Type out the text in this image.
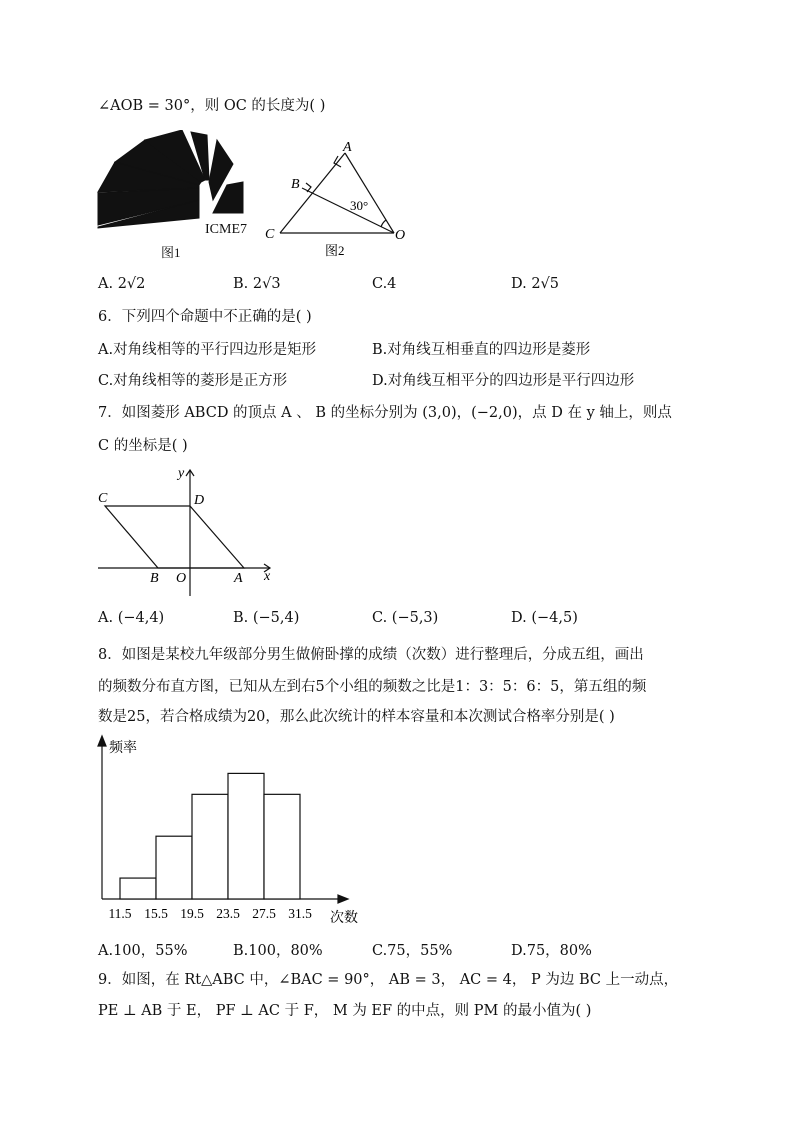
∠AOB = 30°，则 OC 的长度为( )
ICME7
图1
A
B
C	O
30°
图2
A. 2√2	B. 2√3	C.4	D. 2√5
6．下列四个命题中不正确的是( )
A.对角线相等的平行四边形是矩形	B.对角线互相垂直的四边形是菱形
C.对角线相等的菱形是正方形	D.对角线互相平分的四边形是平行四边形
7．如图菱形 ABCD 的顶点 A 、 B 的坐标分别为 (3,0)，(−2,0)，点 D 在 y 轴上，则点
C 的坐标是( )
y
x
C	D
B O	A
A. (−4,4)	B. (−5,4)	C. (−5,3)	D. (−4,5)
8．如图是某校九年级部分男生做俯卧撑的成绩（次数）进行整理后，分成五组，画出
的频数分布直方图，已知从左到右5个小组的频数之比是1：3：5：6：5，第五组的频
数是25，若合格成绩为20，那么此次统计的样本容量和本次测试合格率分别是( )
11.5 15.5 19.5 23.5 27.5 31.5
频率
次数
A.100，55%	B.100，80%	C.75，55%	D.75，80%
9．如图，在 Rt△ABC 中，∠BAC = 90°， AB = 3， AC = 4， P 为边 BC 上一动点，
PE ⊥ AB 于 E， PF ⊥ AC 于 F， M 为 EF 的中点，则 PM 的最小值为( )
